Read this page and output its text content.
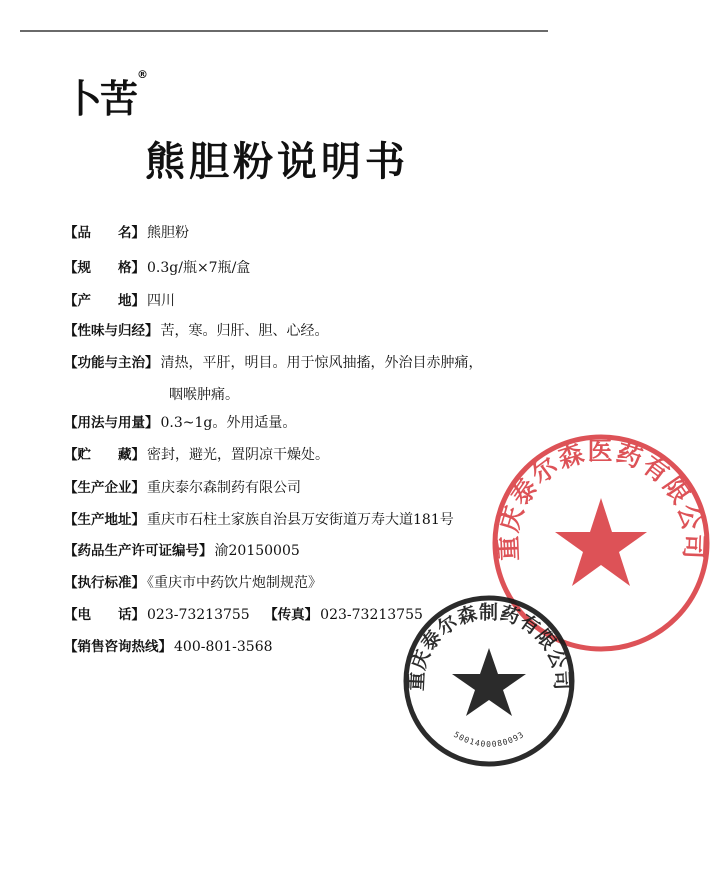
卜苦®
熊胆粉说明书
【品　　名】 熊胆粉
【规　　格】 0.3g/瓶×7瓶/盒
【产　　地】 四川
【性味与归经】 苦，寒。归肝、胆、心经。
【功能与主治】 清热，平肝，明目。用于惊风抽搐，外治目赤肿痛，
咽喉肿痛。
【用法与用量】 0.3~1g。外用适量。
【贮　　藏】 密封，避光，置阴凉干燥处。
【生产企业】 重庆泰尔森制药有限公司
【生产地址】 重庆市石柱土家族自治县万安街道万寿大道181号
【药品生产许可证编号】 渝20150005
【执行标准】 《重庆市中药饮片炮制规范》
【电　　话】 023-73213755 【传真】 023-73213755
【销售咨询热线】 400-801-3568
重庆泰尔森医药有限公司
重庆泰尔森制药有限公司
5001400080093
